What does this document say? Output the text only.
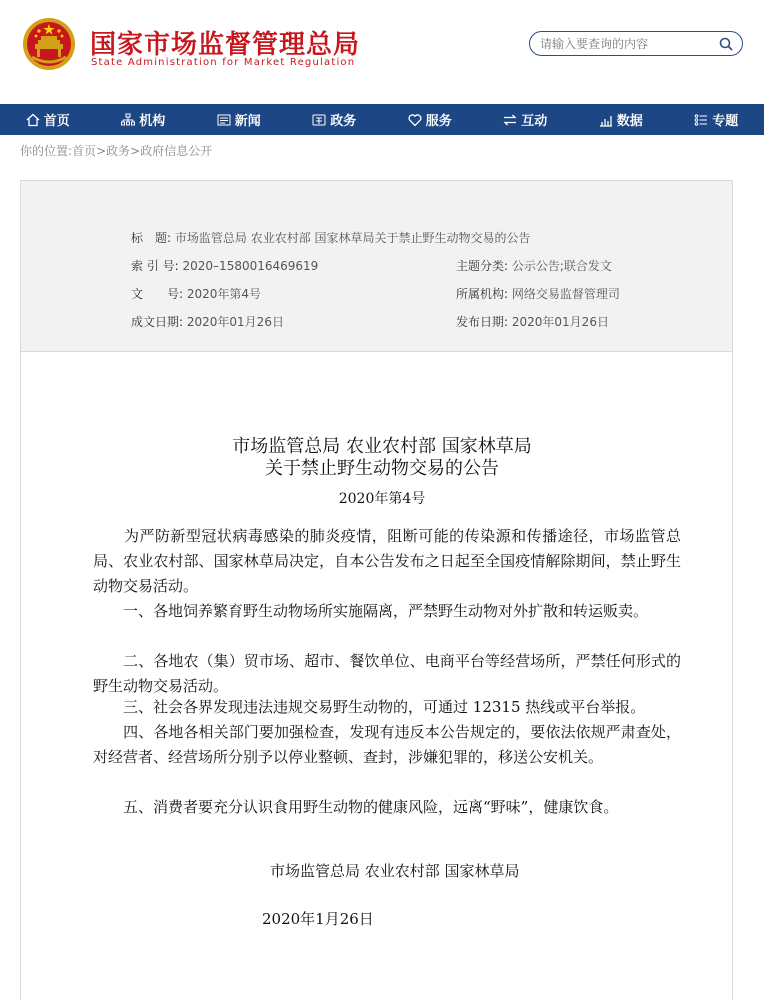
国家市场监督管理总局
State Administration for Market Regulation
请输入要查询的内容
首页	机构	新闻	政务	服务	互动	数据	专题
你的位置:首页>政务>政府信息公开
标　题: 市场监管总局 农业农村部 国家林草局关于禁止野生动物交易的公告
索 引 号: 2020–1580016469619	主题分类: 公示公告;联合发文
文　　号: 2020年第4号	所属机构: 网络交易监督管理司
成文日期: 2020年01月26日	发布日期: 2020年01月26日
市场监管总局 农业农村部 国家林草局
关于禁止野生动物交易的公告
2020年第4号

　　为严防新型冠状病毒感染的肺炎疫情，阻断可能的传染源和传播途径，市场监管总局、农业农村部、国家林草局决定，自本公告发布之日起至全国疫情解除期间，禁止野生动物交易活动。

　　一、各地饲养繁育野生动物场所实施隔离，严禁野生动物对外扩散和转运贩卖。

　　二、各地农（集）贸市场、超市、餐饮单位、电商平台等经营场所，严禁任何形式的野生动物交易活动。

　　三、社会各界发现违法违规交易野生动物的，可通过 12315 热线或平台举报。

　　四、各地各相关部门要加强检查，发现有违反本公告规定的，要依法依规严肃查处，对经营者、经营场所分别予以停业整顿、查封，涉嫌犯罪的，移送公安机关。

　　五、消费者要充分认识食用野生动物的健康风险，远离“野味”，健康饮食。

市场监管总局 农业农村部 国家林草局
2020年1月26日
